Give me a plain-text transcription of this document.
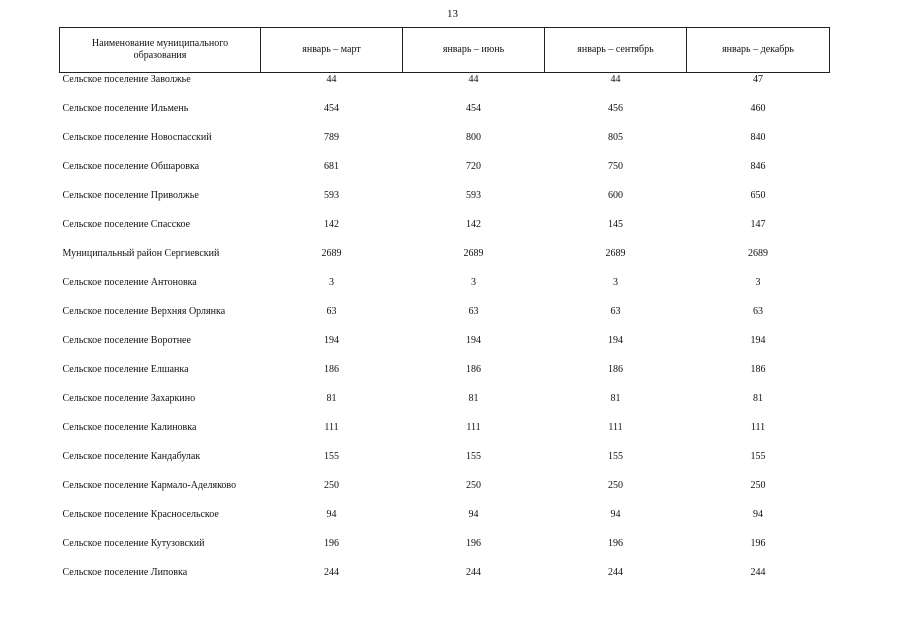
13
Наименование муниципального образования	январь – март	январь – июнь	январь – сентябрь	январь – декабрь
Сельское поселение Заволжье	44	44	44	47
Сельское поселение Ильмень	454	454	456	460
Сельское поселение Новоспасский	789	800	805	840
Сельское поселение Обшаровка	681	720	750	846
Сельское поселение Приволжье	593	593	600	650
Сельское поселение Спасское	142	142	145	147
Муниципальный район Сергиевский	2689	2689	2689	2689
Сельское поселение Антоновка	3	3	3	3
Сельское поселение Верхняя Орлянка	63	63	63	63
Сельское поселение Воротнее	194	194	194	194
Сельское поселение Елшанка	186	186	186	186
Сельское поселение Захаркино	81	81	81	81
Сельское поселение Калиновка	111	111	111	111
Сельское поселение Кандабулак	155	155	155	155
Сельское поселение Кармало-Аделяково	250	250	250	250
Сельское поселение Красносельское	94	94	94	94
Сельское поселение Кутузовский	196	196	196	196
Сельское поселение Липовка	244	244	244	244
